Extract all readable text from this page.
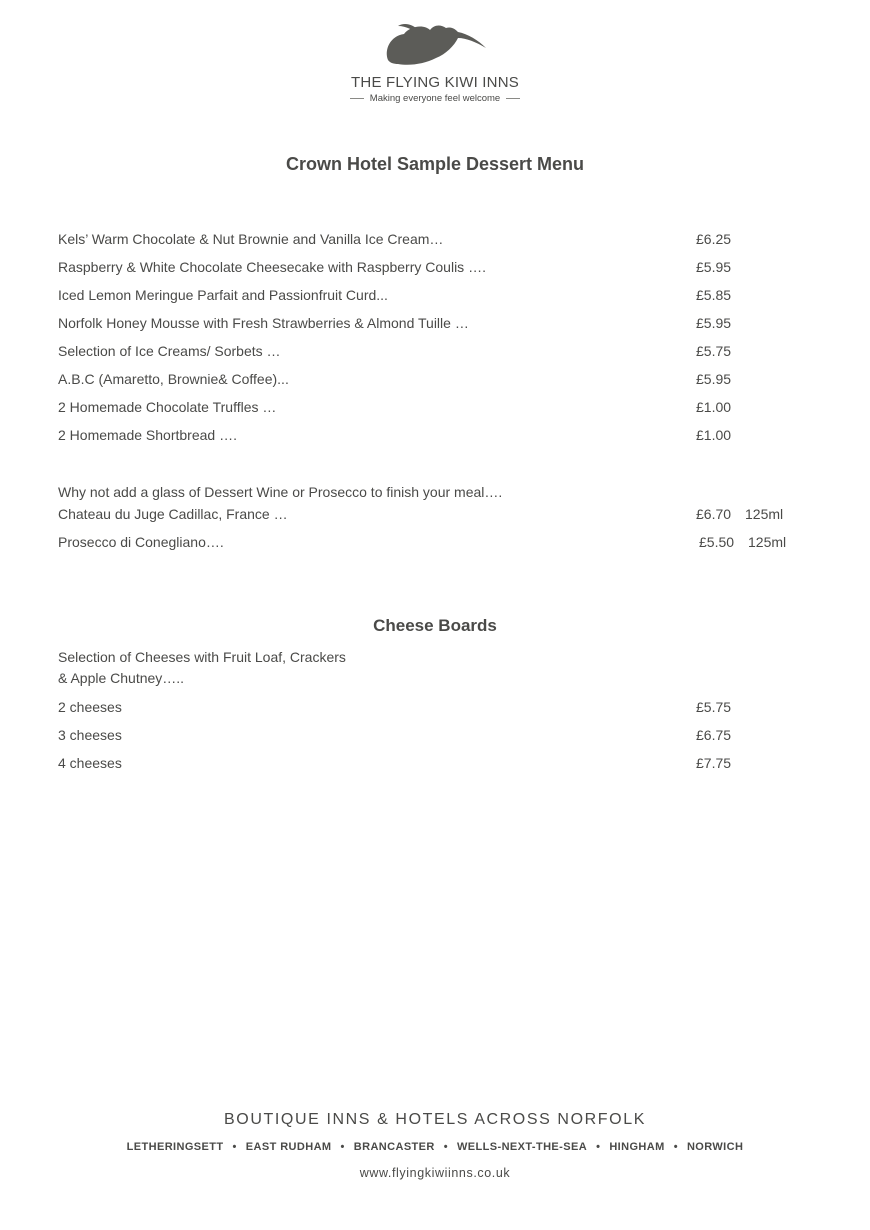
THE FLYING KIWI INNS
Making everyone feel welcome
Crown Hotel Sample Dessert Menu
Kels’ Warm Chocolate & Nut Brownie and Vanilla Ice Cream…	£6.25
Raspberry & White Chocolate Cheesecake with Raspberry Coulis ….	£5.95
Iced Lemon Meringue Parfait and Passionfruit Curd...	£5.85
Norfolk Honey Mousse with Fresh Strawberries & Almond Tuille …	£5.95
Selection of Ice Creams/ Sorbets …	£5.75
A.B.C (Amaretto, Brownie& Coffee)...	£5.95
2 Homemade Chocolate Truffles …	£1.00
2 Homemade Shortbread ….	£1.00
Why not add a glass of Dessert Wine or Prosecco to finish your meal….
Chateau du Juge Cadillac, France …	£6.70 125ml
Prosecco di Conegliano….	£5.50 125ml
Cheese Boards
Selection of Cheeses with Fruit Loaf, Crackers
& Apple Chutney…..
2 cheeses	£5.75
3 cheeses	£6.75
4 cheeses	£7.75
BOUTIQUE INNS & HOTELS ACROSS NORFOLK
LETHERINGSETT • EAST RUDHAM • BRANCASTER • WELLS-NEXT-THE-SEA • HINGHAM • NORWICH
www.flyingkiwiinns.co.uk
